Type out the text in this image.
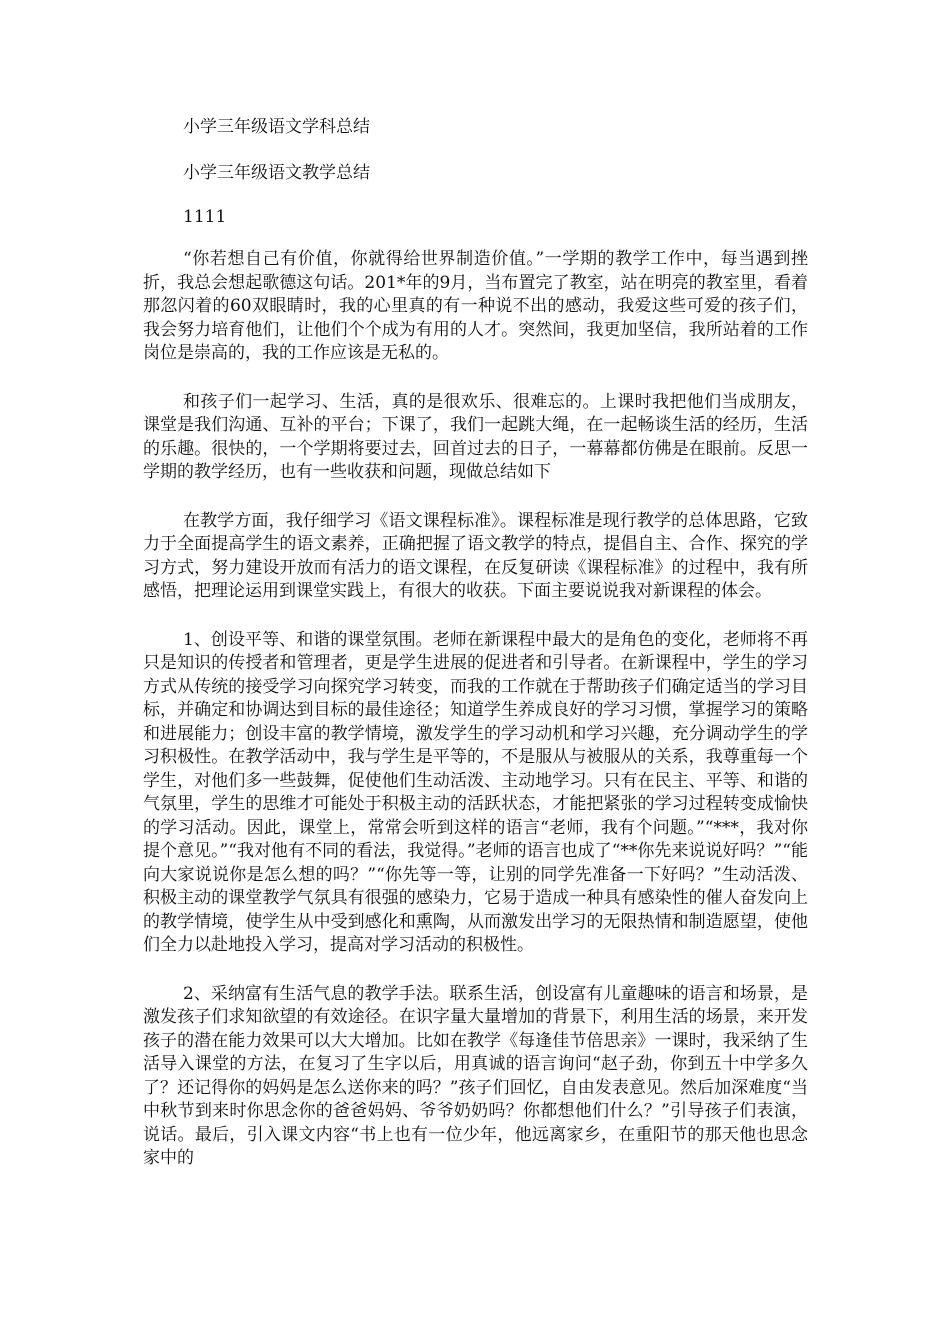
小学三年级语文学科总结
小学三年级语文教学总结
1111

“你若想自己有价值，你就得给世界制造价值。”一学期的教学工作中，每当遇到挫折，我总会想起歌德这句话。201*年的9月，当布置完了教室，站在明亮的教室里，看着那忽闪着的60双眼睛时，我的心里真的有一种说不出的感动，我爱这些可爱的孩子们，我会努力培育他们，让他们个个成为有用的人才。突然间，我更加坚信，我所站着的工作岗位是崇高的，我的工作应该是无私的。

和孩子们一起学习、生活，真的是很欢乐、很难忘的。上课时我把他们当成朋友，课堂是我们沟通、互补的平台；下课了，我们一起跳大绳，在一起畅谈生活的经历，生活的乐趣。很快的，一个学期将要过去，回首过去的日子，一幕幕都仿佛是在眼前。反思一学期的教学经历，也有一些收获和问题，现做总结如下

在教学方面，我仔细学习《语文课程标准》。课程标准是现行教学的总体思路，它致力于全面提高学生的语文素养，正确把握了语文教学的特点，提倡自主、合作、探究的学习方式，努力建设开放而有活力的语文课程，在反复研读《课程标准》的过程中，我有所感悟，把理论运用到课堂实践上，有很大的收获。下面主要说说我对新课程的体会。

1、创设平等、和谐的课堂氛围。老师在新课程中最大的是角色的变化，老师将不再只是知识的传授者和管理者，更是学生进展的促进者和引导者。在新课程中，学生的学习方式从传统的接受学习向探究学习转变，而我的工作就在于帮助孩子们确定适当的学习目标，并确定和协调达到目标的最佳途径；知道学生养成良好的学习习惯，掌握学习的策略和进展能力；创设丰富的教学情境，激发学生的学习动机和学习兴趣，充分调动学生的学习积极性。在教学活动中，我与学生是平等的，不是服从与被服从的关系，我尊重每一个学生，对他们多一些鼓舞，促使他们生动活泼、主动地学习。只有在民主、平等、和谐的气氛里，学生的思维才可能处于积极主动的活跃状态，才能把紧张的学习过程转变成愉快的学习活动。因此，课堂上，常常会听到这样的语言“老师，我有个问题。”“***，我对你提个意见。”“我对他有不同的看法，我觉得。”老师的语言也成了“**你先来说说好吗？”“能向大家说说你是怎么想的吗？”“你先等一等，让别的同学先准备一下好吗？”生动活泼、积极主动的课堂教学气氛具有很强的感染力，它易于造成一种具有感染性的催人奋发向上的教学情境，使学生从中受到感化和熏陶，从而激发出学习的无限热情和制造愿望，使他们全力以赴地投入学习，提高对学习活动的积极性。

2、采纳富有生活气息的教学手法。联系生活，创设富有儿童趣味的语言和场景，是激发孩子们求知欲望的有效途径。在识字量大量增加的背景下，利用生活的场景，来开发孩子的潜在能力效果可以大大增加。比如在教学《每逢佳节倍思亲》一课时，我采纳了生活导入课堂的方法，在复习了生字以后，用真诚的语言询问“赵子劲，你到五十中学多久了？还记得你的妈妈是怎么送你来的吗？”孩子们回忆，自由发表意见。然后加深难度“当中秋节到来时你思念你的爸爸妈妈、爷爷奶奶吗？你都想他们什么？”引导孩子们表演，说话。最后，引入课文内容“书上也有一位少年，他远离家乡，在重阳节的那天他也思念家中的
